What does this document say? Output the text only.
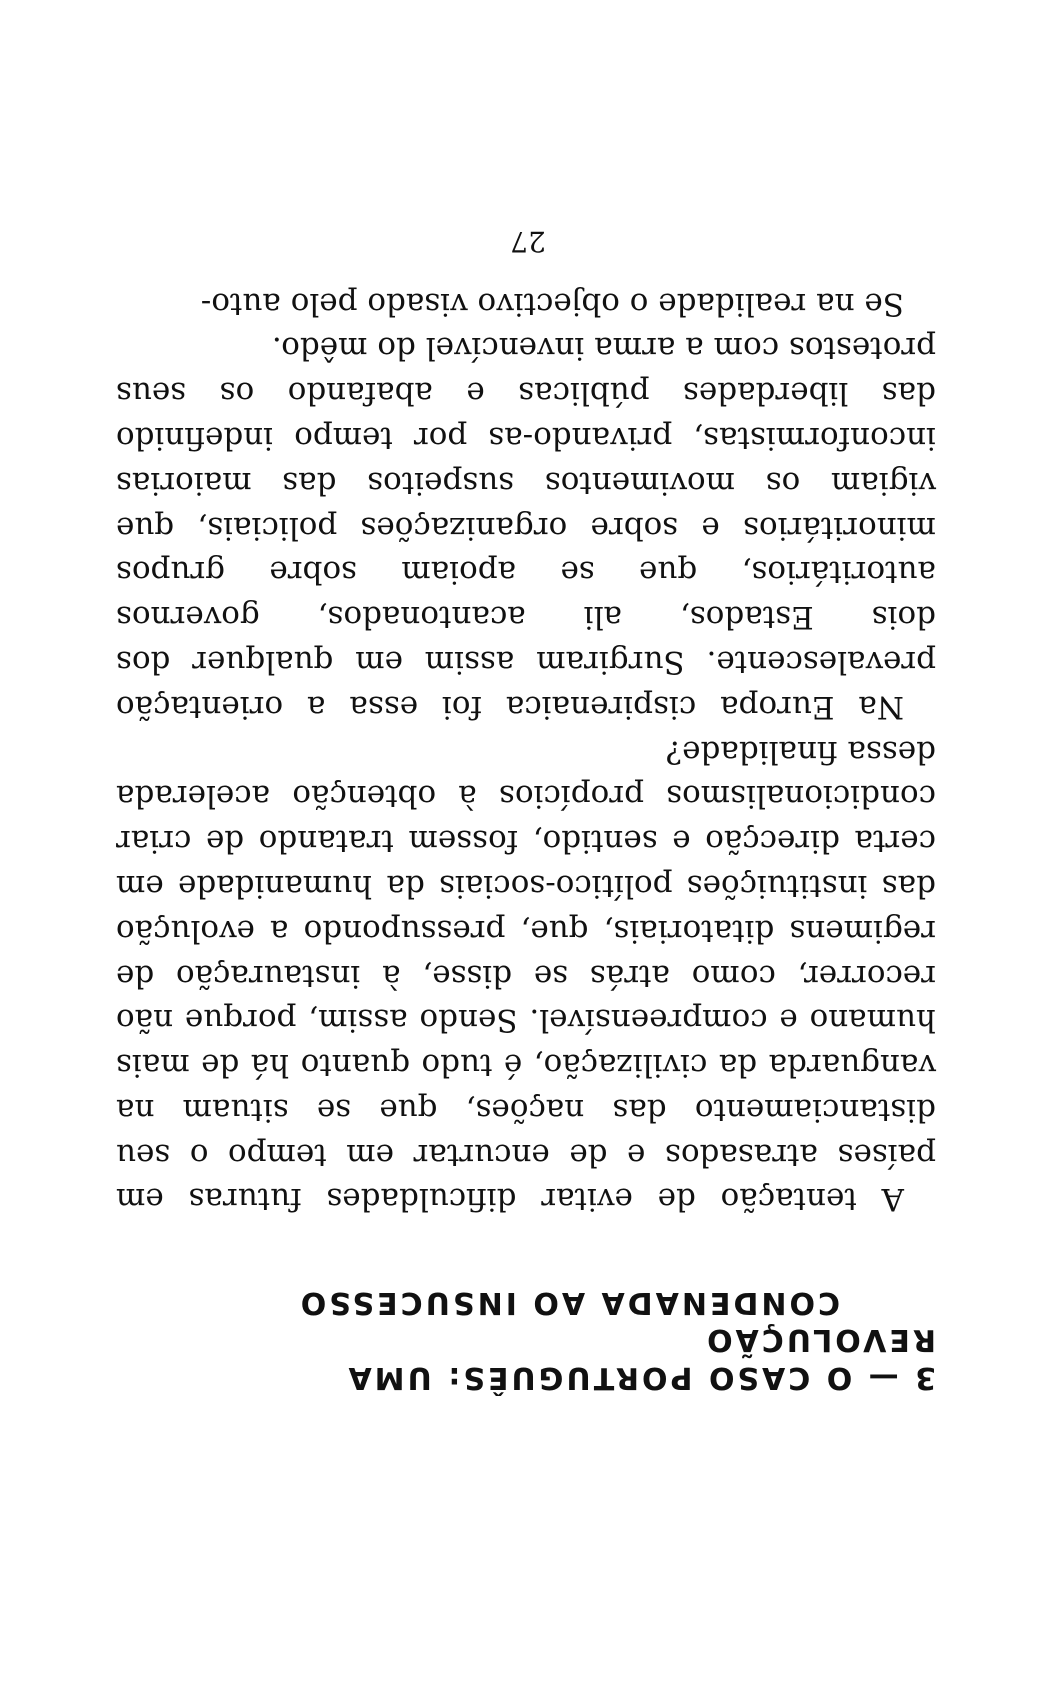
3 — O CASO PORTUGUÊS: UMA REVOLUÇÃO
CONDENADA AO INSUCESSO

A tentação de evitar dificuldades futuras em países atrasados e de encurtar em tempo o seu distanciamento das nações, que se situam na vanguarda da civilização, é tudo quanto há de mais humano e compreensível. Sendo assim, porque não recorrer, como atrás se disse, à instauração de regimens ditatoriais, que, pressupondo a evolução das instituições político-sociais da humanidade em certa direcção e sentido, fossem tratando de criar condicionalismos propícios à obtenção acelerada dessa finalidade?

Na Europa cispirenaica foi essa a orientação prevalescente. Surgiram assim em qualquer dos dois Estados, ali acantonados, governos autoritários, que se apoiam sobre grupos minoritários e sobre organizações policiais, que vigiam os movimentos suspeitos das maiorias inconformistas, privando-as por tempo indefinido das liberdades públicas e abafando os seus protestos com a arma invencível do mêdo.

Se na realidade o objectivo visado pelo auto-

27
